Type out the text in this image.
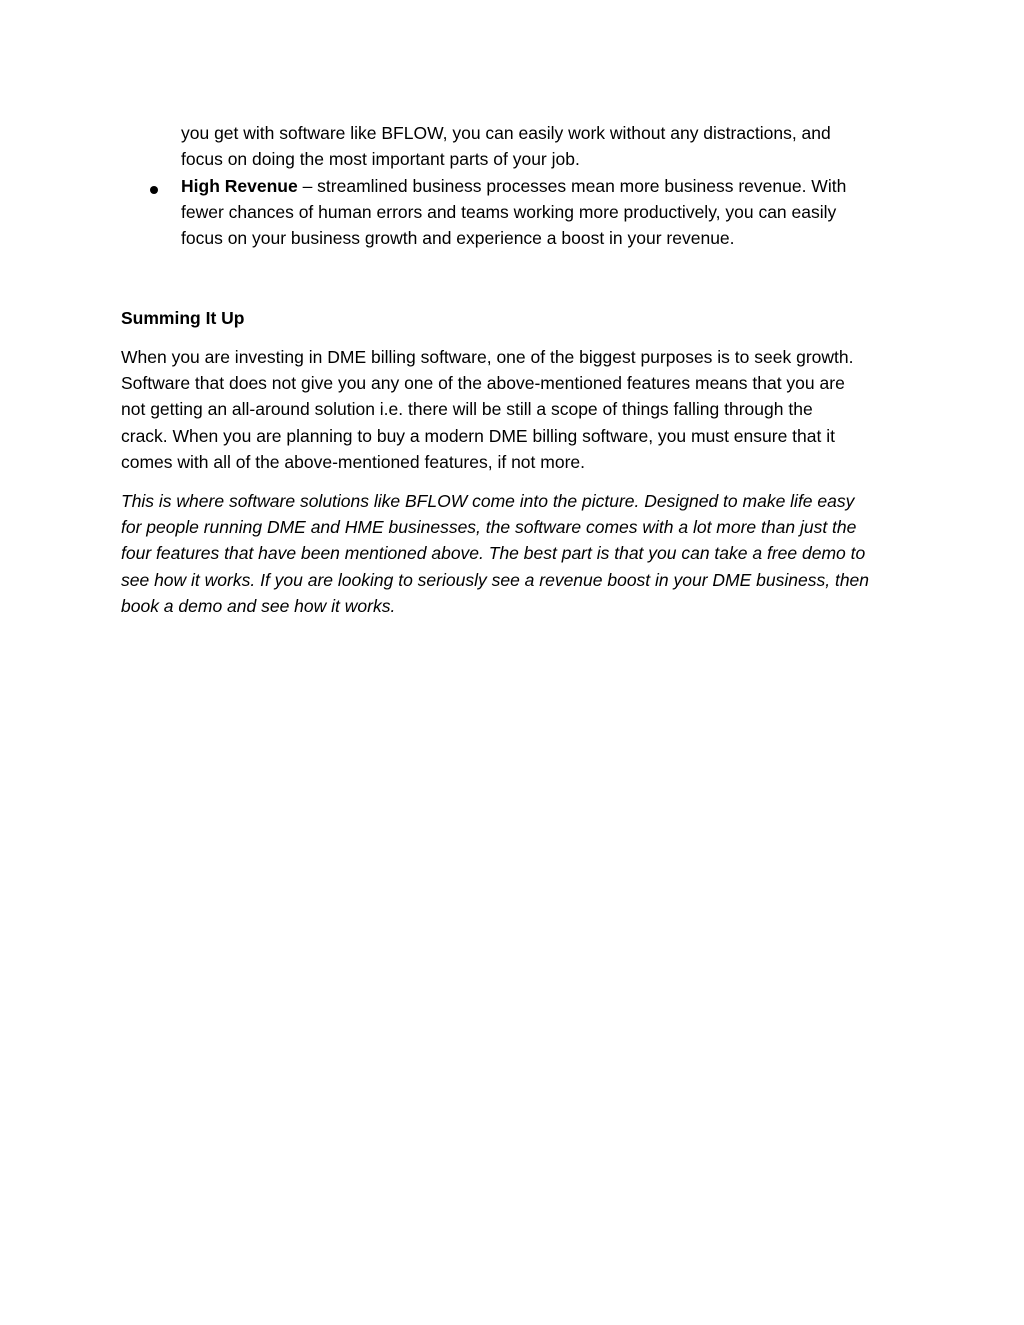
you get with software like BFLOW, you can easily work without any distractions, and
focus on doing the most important parts of your job.

High Revenue – streamlined business processes mean more business revenue. With
fewer chances of human errors and teams working more productively, you can easily
focus on your business growth and experience a boost in your revenue.

Summing It Up

When you are investing in DME billing software, one of the biggest purposes is to seek growth.
Software that does not give you any one of the above-mentioned features means that you are
not getting an all-around solution i.e. there will be still a scope of things falling through the
crack. When you are planning to buy a modern DME billing software, you must ensure that it
comes with all of the above-mentioned features, if not more.

This is where software solutions like BFLOW come into the picture. Designed to make life easy
for people running DME and HME businesses, the software comes with a lot more than just the
four features that have been mentioned above. The best part is that you can take a free demo to
see how it works. If you are looking to seriously see a revenue boost in your DME business, then
book a demo and see how it works.
